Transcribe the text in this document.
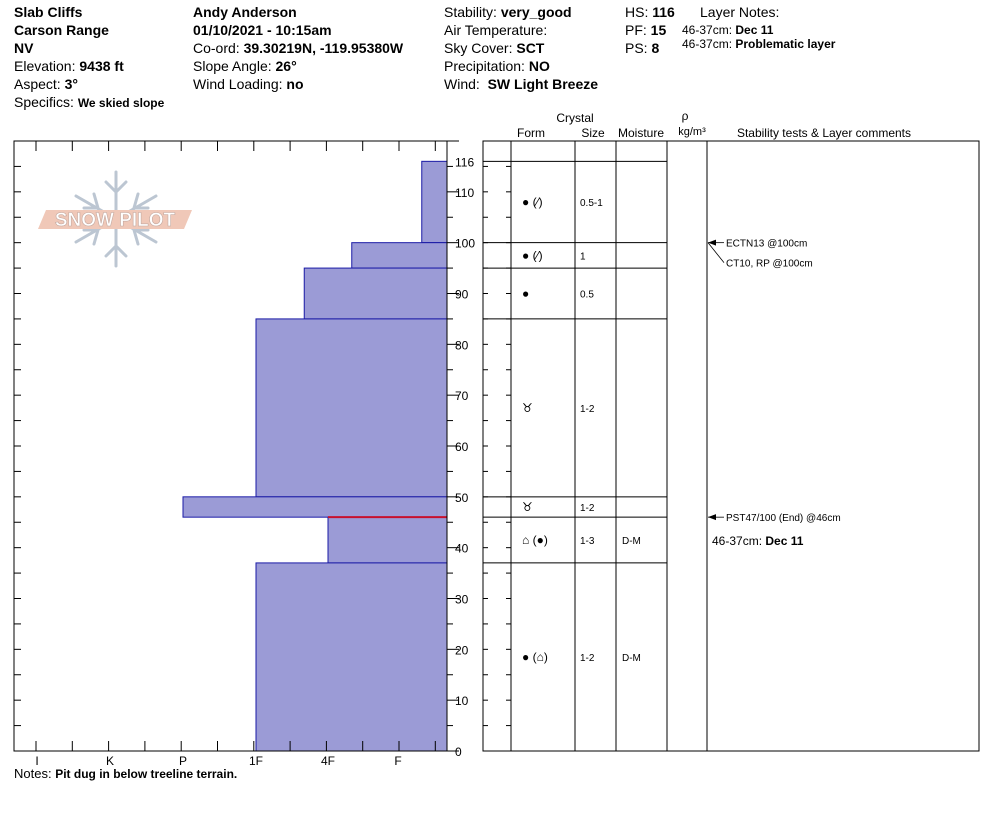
Slab Cliffs
Carson Range
NV
Elevation: 9438 ft
Aspect: 3°
Specifics: We skied slope
Andy Anderson
01/10/2021 - 10:15am
Co-ord: 39.30219N, -119.95380W
Slope Angle: 26°
Wind Loading: no
Stability: very_good
Air Temperature:
Sky Cover: SCT
Precipitation: NO
Wind: SW Light Breeze
HS: 116
PF: 15
PS: 8
Layer Notes:
46-37cm: Dec 11
46-37cm: Problematic layer
SNOW PILOT
Crystal
Form	Size Moisture
ρ
kg/m³	Stability tests & Layer comments
I	K	P	1F	4F	F
0
10
20
30
40
50
60
70
80
90
100
110
116
● (⁄)	0.5-1
● (⁄)	1
●	0.5
♉	1-2
♉	1-2
⌂ (●)	1-3	D-M
● (⌂)	1-2	D-M
ECTN13 @100cm
CT10, RP @100cm
PST47/100 (End) @46cm
46-37cm: Dec 11
Notes: Pit dug in below treeline terrain.
